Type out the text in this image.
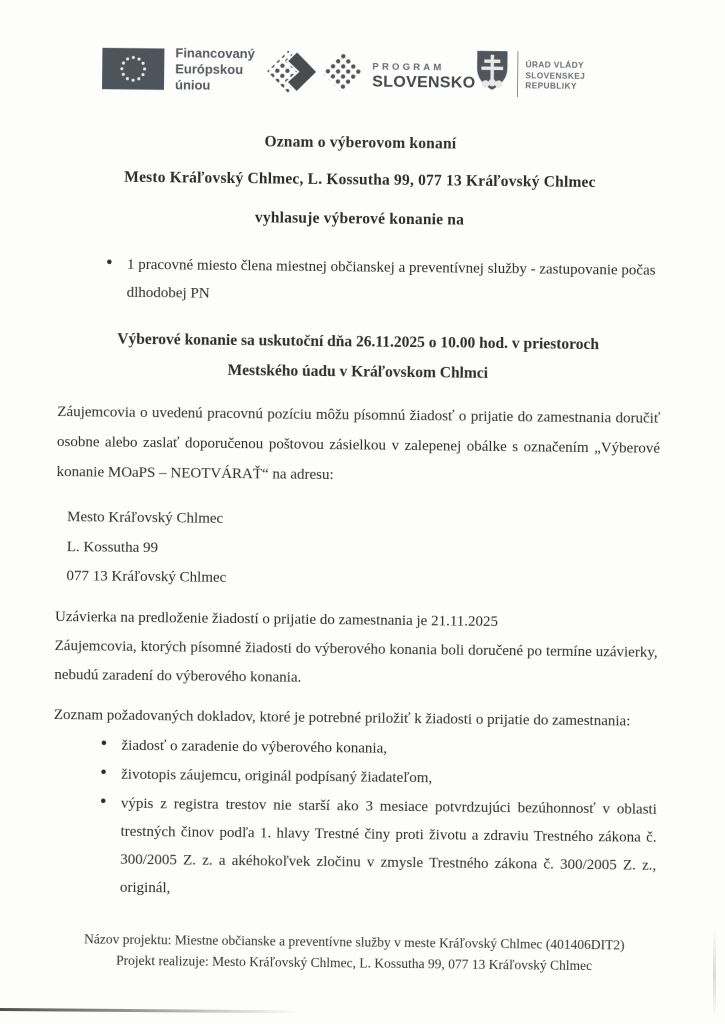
Financovaný
Európskou úniou
PROGRAM
SLOVENSKO
ÚRAD VLÁDY
SLOVENSKEJ REPUBLIKY
Oznam o výberovom konaní
Mesto Kráľovský Chlmec, L. Kossutha 99, 077 13 Kráľovský Chlmec
vyhlasuje výberové konanie na
• 1 pracovné miesto člena miestnej občianskej a preventívnej služby - zastupovanie počas dlhodobej PN
Výberové konanie sa uskutoční dňa 26.11.2025 o 10.00 hod. v priestoroch
Mestského úadu v Kráľovskom Chlmci
Záujemcovia o uvedenú pracovnú pozíciu môžu písomnú žiadosť o prijatie do zamestnania doručiť osobne alebo zaslať doporučenou poštovou zásielkou v zalepenej obálke s označením „Výberové konanie MOaPS – NEOTVÁRAŤ“ na adresu:
Mesto Kráľovský Chlmec
L. Kossutha 99
077 13 Kráľovský Chlmec
Uzávierka na predloženie žiadostí o prijatie do zamestnania je 21.11.2025
Záujemcovia, ktorých písomné žiadosti do výberového konania boli doručené po termíne uzávierky, nebudú zaradení do výberového konania.
Zoznam požadovaných dokladov, ktoré je potrebné priložiť k žiadosti o prijatie do zamestnania:
• žiadosť o zaradenie do výberového konania,
• životopis záujemcu, originál podpísaný žiadateľom,
• výpis z registra trestov nie starší ako 3 mesiace potvrdzujúci bezúhonnosť v oblasti trestných činov podľa 1. hlavy Trestné činy proti životu a zdraviu Trestného zákona č. 300/2005 Z. z. a akéhokoľvek zločinu v zmysle Trestného zákona č. 300/2005 Z. z., originál,
Názov projektu: Miestne občianske a preventívne služby v meste Kráľovský Chlmec (401406DIT2)
Projekt realizuje: Mesto Kráľovský Chlmec, L. Kossutha 99, 077 13 Kráľovský Chlmec
